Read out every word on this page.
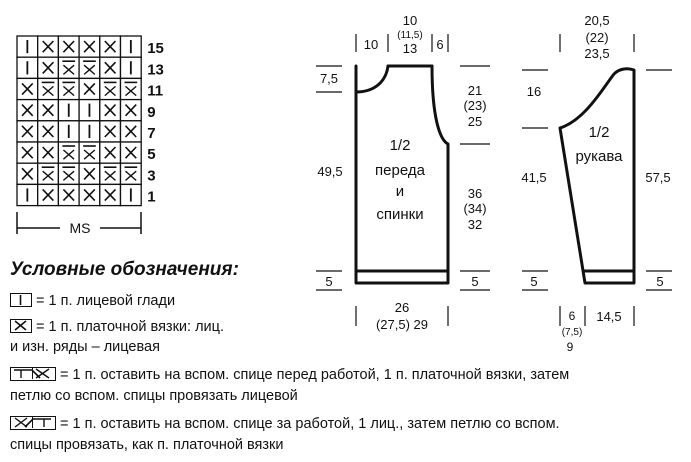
15
13
11
9
7
5
3
1
MS
10
10
(11,5)
13 6
7,5
49,5
5
21
(23)
25
36
(34)
32
5
1/2
переда
и
спинки
26
(27,5) 29
20,5
(22)
23,5
16
41,5
5
57,5
5
1/2
рукава
6
(7,5)
9
14,5
Условные обозначения:
= 1 п. лицевой глади
= 1 п. платочной вязки: лиц.
и изн. ряды – лицевая
= 1 п. оставить на вспом. спице перед работой, 1 п. платочной вязки, затем
петлю со вспом. спицы провязать лицевой
= 1 п. оставить на вспом. спице за работой, 1 лиц., затем петлю со вспом.
спицы провязать, как п. платочной вязки
